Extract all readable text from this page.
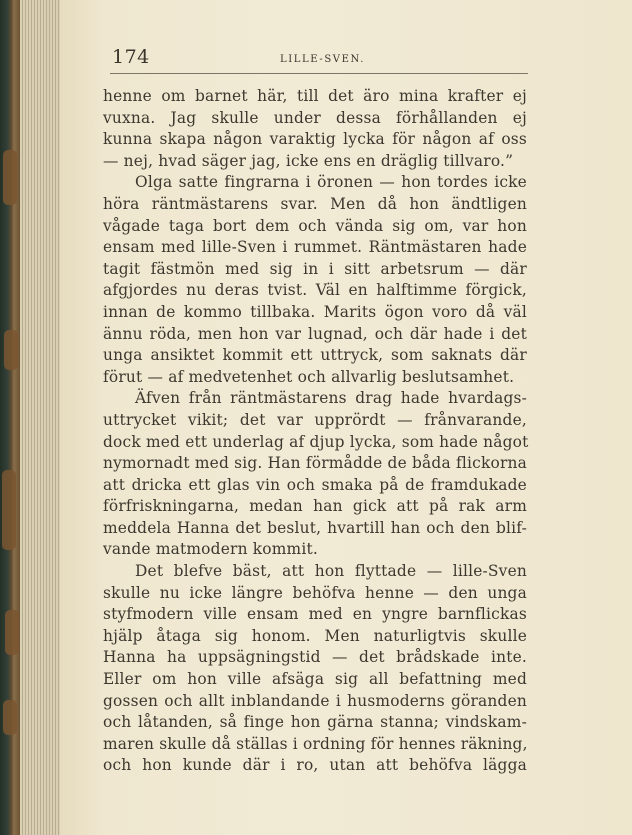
174	LILLE-SVEN.
henne om barnet här, till det äro mina krafter ej
vuxna. Jag skulle under dessa förhållanden ej
kunna skapa någon varaktig lycka för någon af oss
— nej, hvad säger jag, icke ens en dräglig tillvaro.”
Olga satte fingrarna i öronen — hon tordes icke
höra räntmästarens svar. Men då hon ändtligen
vågade taga bort dem och vända sig om, var hon
ensam med lille-Sven i rummet. Räntmästaren hade
tagit fästmön med sig in i sitt arbetsrum — där
afgjordes nu deras tvist. Väl en halftimme förgick,
innan de kommo tillbaka. Marits ögon voro då väl
ännu röda, men hon var lugnad, och där hade i det
unga ansiktet kommit ett uttryck, som saknats där
förut — af medvetenhet och allvarlig beslutsamhet.
Äfven från räntmästarens drag hade hvardags-
uttrycket vikit; det var upprördt — frånvarande,
dock med ett underlag af djup lycka, som hade något
nymornadt med sig. Han förmådde de båda flickorna
att dricka ett glas vin och smaka på de framdukade
förfriskningarna, medan han gick att på rak arm
meddela Hanna det beslut, hvartill han och den blif-
vande matmodern kommit.
Det blefve bäst, att hon flyttade — lille-Sven
skulle nu icke längre behöfva henne — den unga
styfmodern ville ensam med en yngre barnflickas
hjälp åtaga sig honom. Men naturligtvis skulle
Hanna ha uppsägningstid — det brådskade inte.
Eller om hon ville afsäga sig all befattning med
gossen och allt inblandande i husmoderns göranden
och låtanden, så finge hon gärna stanna; vindskam-
maren skulle då ställas i ordning för hennes räkning,
och hon kunde där i ro, utan att behöfva lägga
